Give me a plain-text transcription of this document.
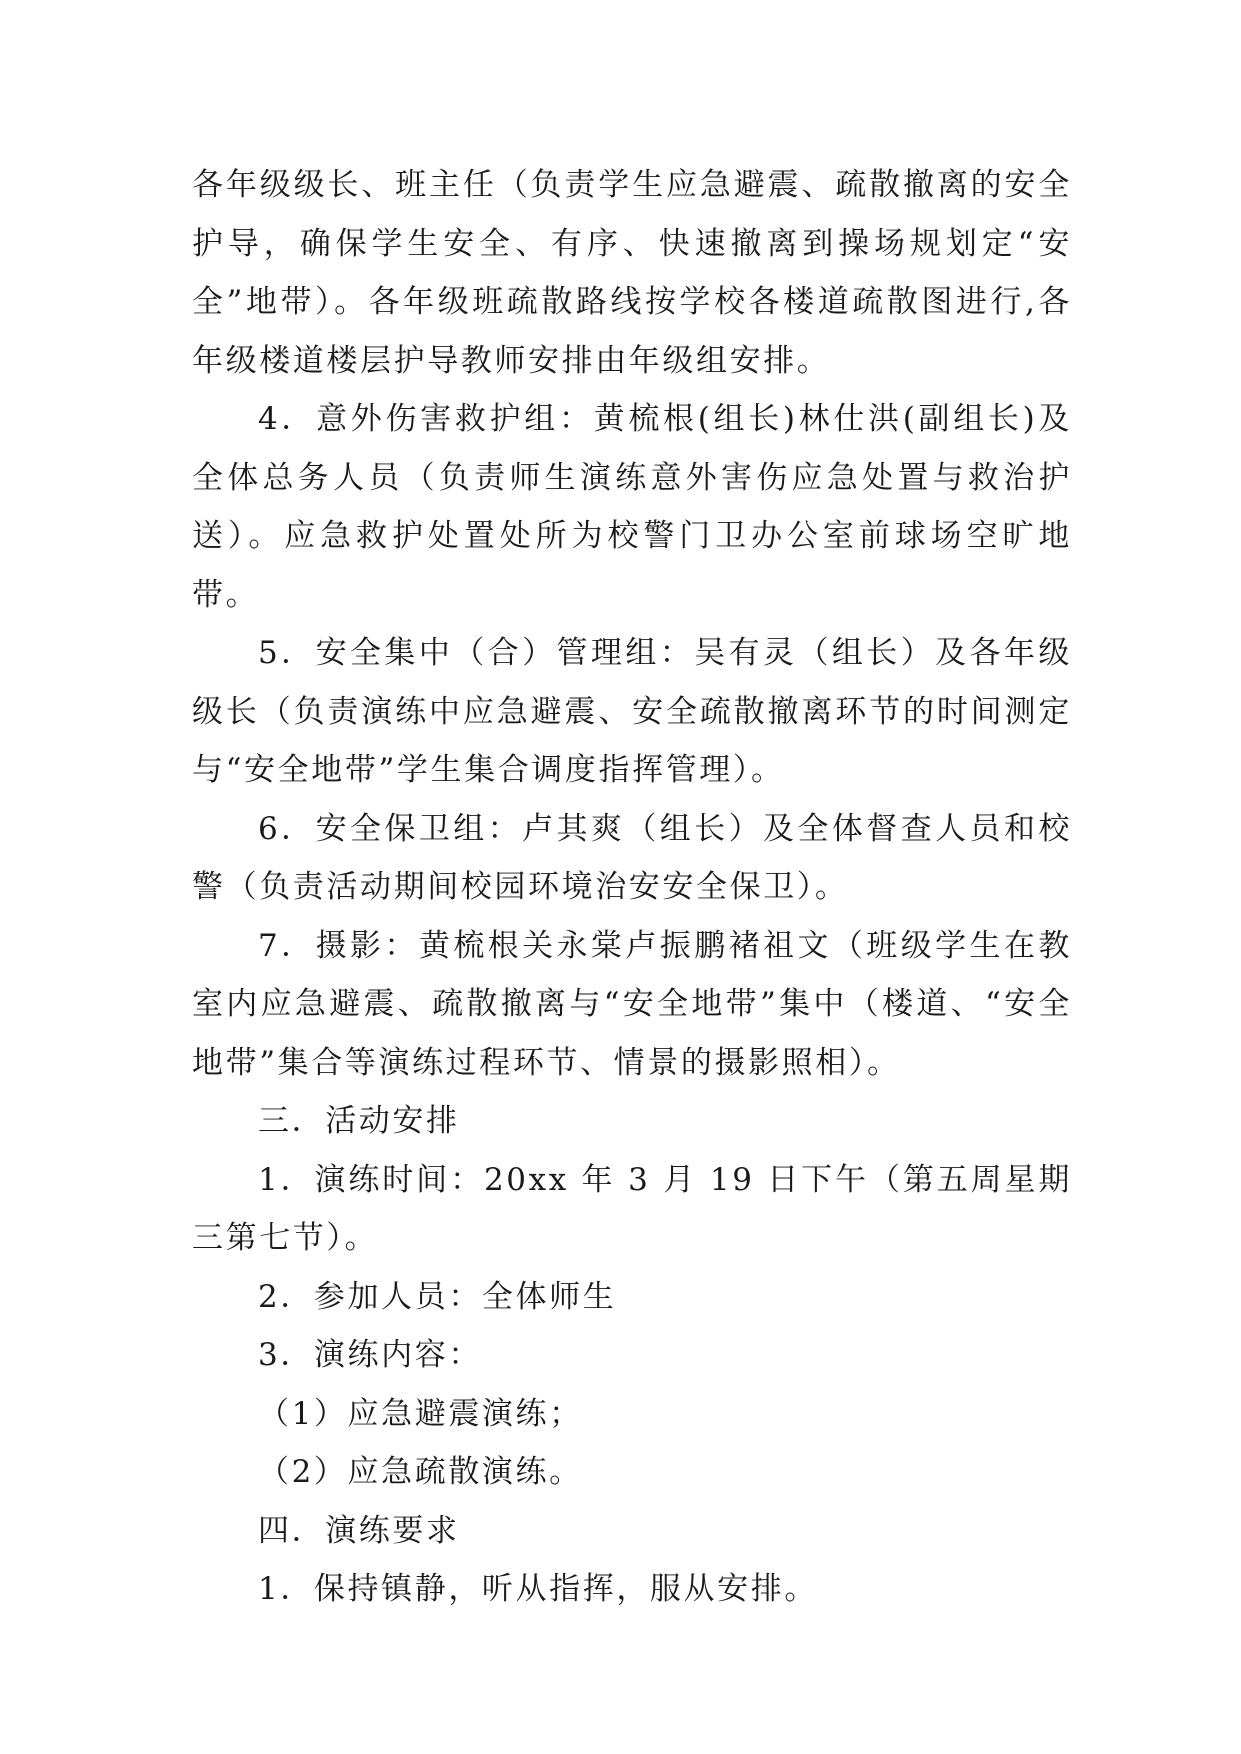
各年级级长、班主任（负责学生应急避震、疏散撤离的安全护导，确保学生安全、有序、快速撤离到操场规划定“安全”地带）。各年级班疏散路线按学校各楼道疏散图进行,各年级楼道楼层护导教师安排由年级组安排。

4．意外伤害救护组：黄梳根(组长)林仕洪(副组长)及全体总务人员（负责师生演练意外害伤应急处置与救治护送）。应急救护处置处所为校警门卫办公室前球场空旷地带。

5．安全集中（合）管理组：吴有灵（组长）及各年级级长（负责演练中应急避震、安全疏散撤离环节的时间测定与“安全地带”学生集合调度指挥管理）。

6．安全保卫组：卢其爽（组长）及全体督查人员和校警（负责活动期间校园环境治安安全保卫）。

7．摄影：黄梳根关永棠卢振鹏褚祖文（班级学生在教室内应急避震、疏散撤离与“安全地带”集中（楼道、“安全地带”集合等演练过程环节、情景的摄影照相）。

三．活动安排

1．演练时间：20xx 年 3 月 19 日下午（第五周星期三第七节）。

2．参加人员：全体师生

3．演练内容：

（1）应急避震演练；

（2）应急疏散演练。

四．演练要求

1．保持镇静，听从指挥，服从安排。
